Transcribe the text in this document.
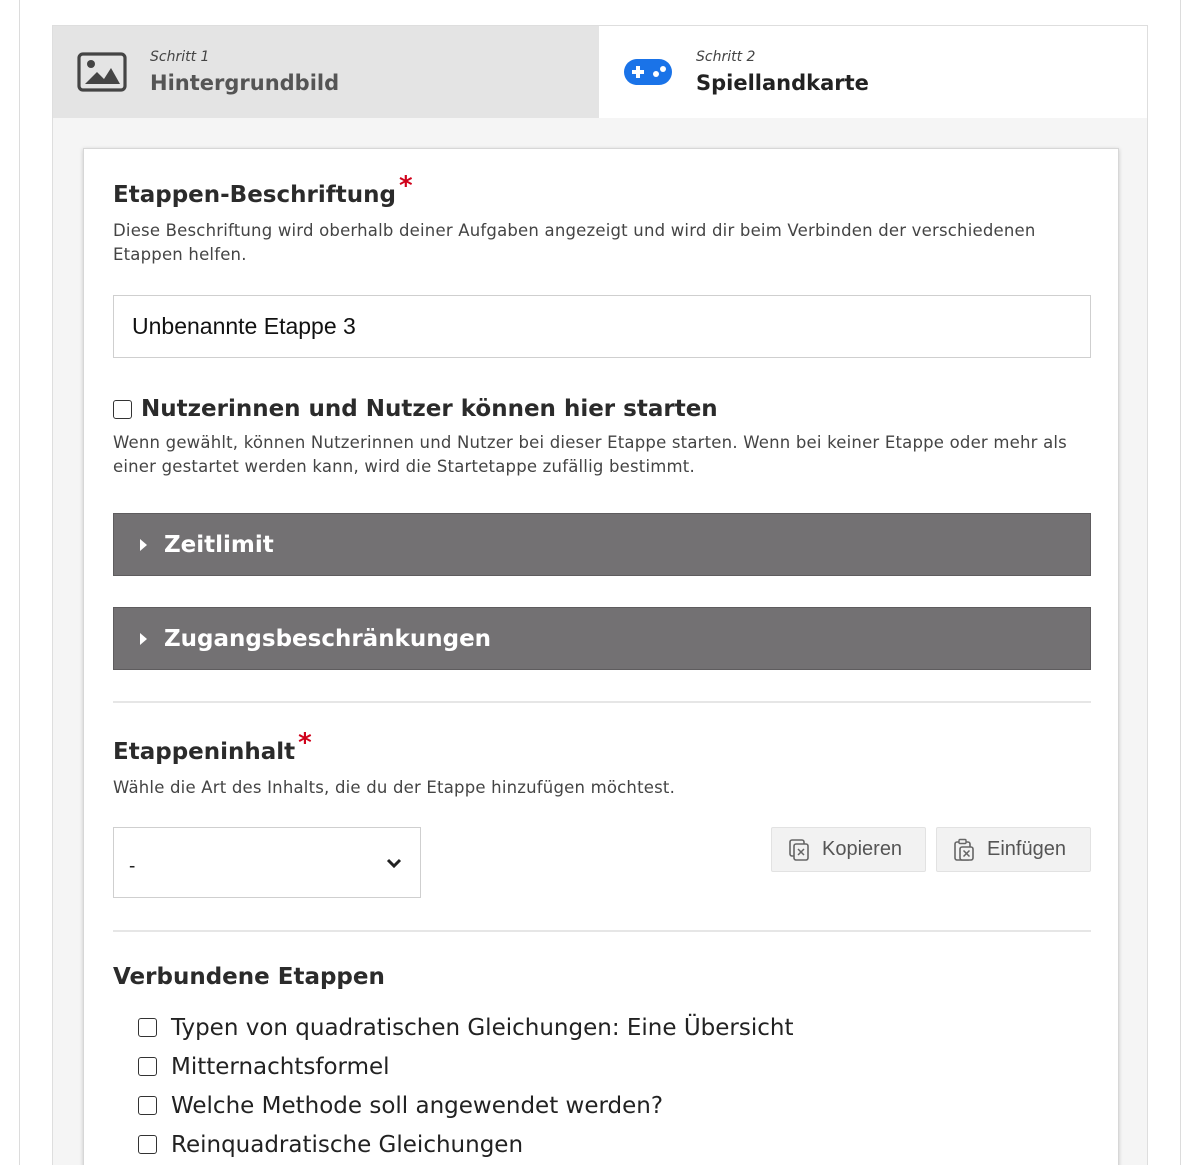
Schritt 1
Hintergrundbild
Schritt 2
Spiellandkarte
Etappen-Beschriftung *
Diese Beschriftung wird oberhalb deiner Aufgaben angezeigt und wird dir beim Verbinden der verschiedenen Etappen helfen.
Unbenannte Etappe 3
Nutzerinnen und Nutzer können hier starten
Wenn gewählt, können Nutzerinnen und Nutzer bei dieser Etappe starten. Wenn bei keiner Etappe oder mehr als einer gestartet werden kann, wird die Startetappe zufällig bestimmt.
Zeitlimit
Zugangsbeschränkungen
Etappeninhalt *
Wähle die Art des Inhalts, die du der Etappe hinzufügen möchtest.
-
Kopieren	Einfügen
Verbundene Etappen
Typen von quadratischen Gleichungen: Eine Übersicht
Mitternachtsformel
Welche Methode soll angewendet werden?
Reinquadratische Gleichungen
